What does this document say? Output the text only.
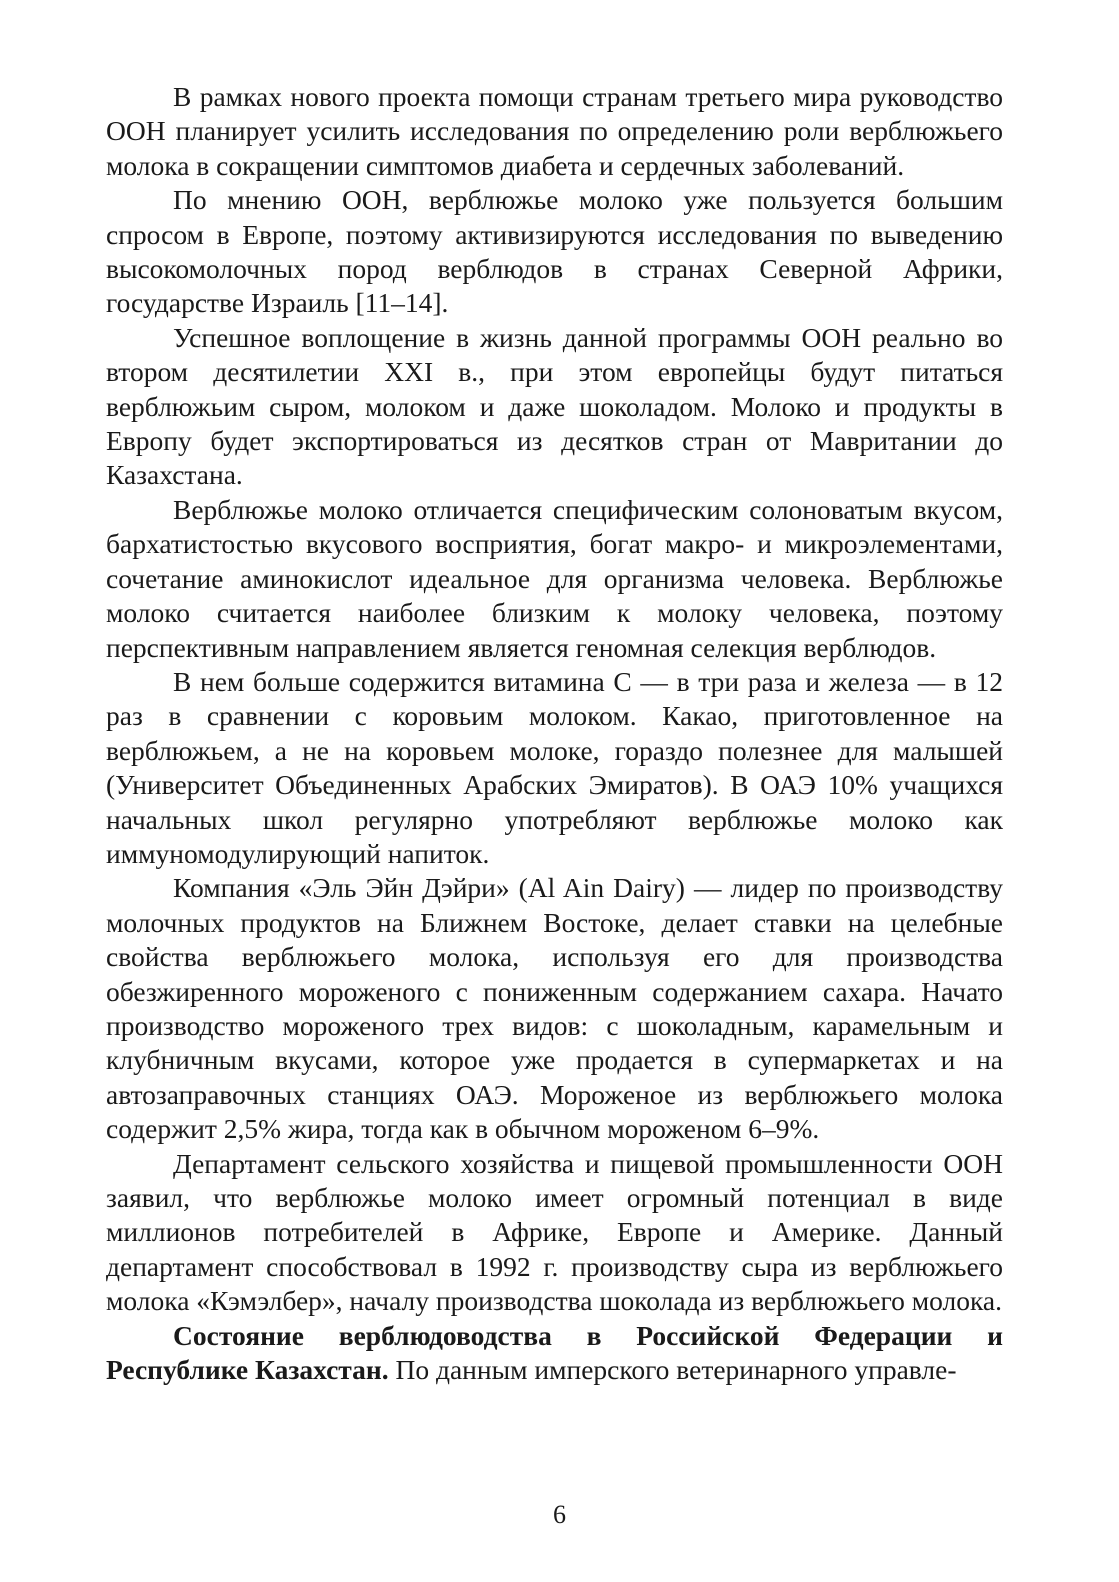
В рамках нового проекта помощи странам третьего мира руководство ООН планирует усилить исследования по определению роли верблюжьего молока в сокращении симптомов диабета и сердечных заболеваний.

По мнению ООН, верблюжье молоко уже пользуется большим спросом в Европе, поэтому активизируются исследования по выведению высокомолочных пород верблюдов в странах Северной Африки, государстве Израиль [11–14].

Успешное воплощение в жизнь данной программы ООН реально во втором десятилетии XXI в., при этом европейцы будут питаться верблюжьим сыром, молоком и даже шоколадом. Молоко и продукты в Европу будет экспортироваться из десятков стран от Мавритании до Казахстана.

Верблюжье молоко отличается специфическим солоноватым вкусом, бархатистостью вкусового восприятия, богат макро- и микроэлементами, сочетание аминокислот идеальное для организма человека. Верблюжье молоко считается наиболее близким к молоку человека, поэтому перспективным направлением является геномная селекция верблюдов.

В нем больше содержится витамина С — в три раза и железа — в 12 раз в сравнении с коровьим молоком. Какао, приготовленное на верблюжьем, а не на коровьем молоке, гораздо полезнее для малышей (Университет Объединенных Арабских Эмиратов). В ОАЭ 10% учащихся начальных школ регулярно употребляют верблюжье молоко как иммуномодулирующий напиток.

Компания «Эль Эйн Дэйри» (Al Ain Dairy) — лидер по производству молочных продуктов на Ближнем Востоке, делает ставки на целебные свойства верблюжьего молока, используя его для производства обезжиренного мороженого с пониженным содержанием сахара. Начато производство мороженого трех видов: с шоколадным, карамельным и клубничным вкусами, которое уже продается в супермаркетах и на автозаправочных станциях ОАЭ. Мороженое из верблюжьего молока содержит 2,5% жира, тогда как в обычном мороженом 6–9%.

Департамент сельского хозяйства и пищевой промышленности ООН заявил, что верблюжье молоко имеет огромный потенциал в виде миллионов потребителей в Африке, Европе и Америке. Данный департамент способствовал в 1992 г. производству сыра из верблюжьего молока «Кэмэлбер», началу производства шоколада из верблюжьего молока.

Состояние верблюдоводства в Российской Федерации и Республике Казахстан. По данным имперского ветеринарного управле-

6
